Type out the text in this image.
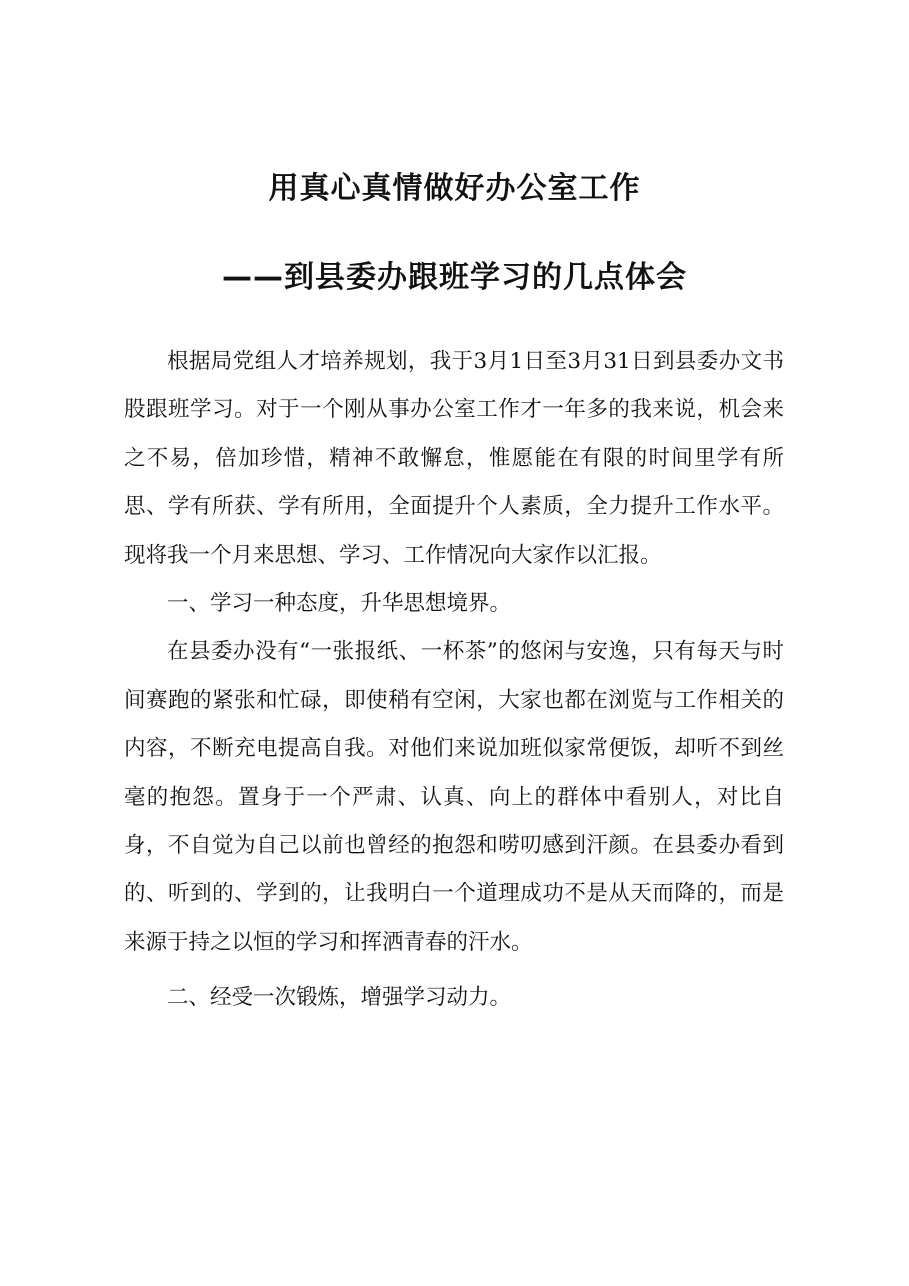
用真心真情做好办公室工作
——到县委办跟班学习的几点体会

根据局党组人才培养规划，我于3月1日至3月31日到县委办文书股跟班学习。对于一个刚从事办公室工作才一年多的我来说，机会来之不易，倍加珍惜，精神不敢懈怠，惟愿能在有限的时间里学有所思、学有所获、学有所用，全面提升个人素质，全力提升工作水平。现将我一个月来思想、学习、工作情况向大家作以汇报。

一、学习一种态度，升华思想境界。

在县委办没有“一张报纸、一杯茶”的悠闲与安逸，只有每天与时间赛跑的紧张和忙碌，即使稍有空闲，大家也都在浏览与工作相关的内容，不断充电提高自我。对他们来说加班似家常便饭，却听不到丝毫的抱怨。置身于一个严肃、认真、向上的群体中看别人，对比自身，不自觉为自己以前也曾经的抱怨和唠叨感到汗颜。在县委办看到的、听到的、学到的，让我明白一个道理成功不是从天而降的，而是来源于持之以恒的学习和挥洒青春的汗水。

二、经受一次锻炼，增强学习动力。
